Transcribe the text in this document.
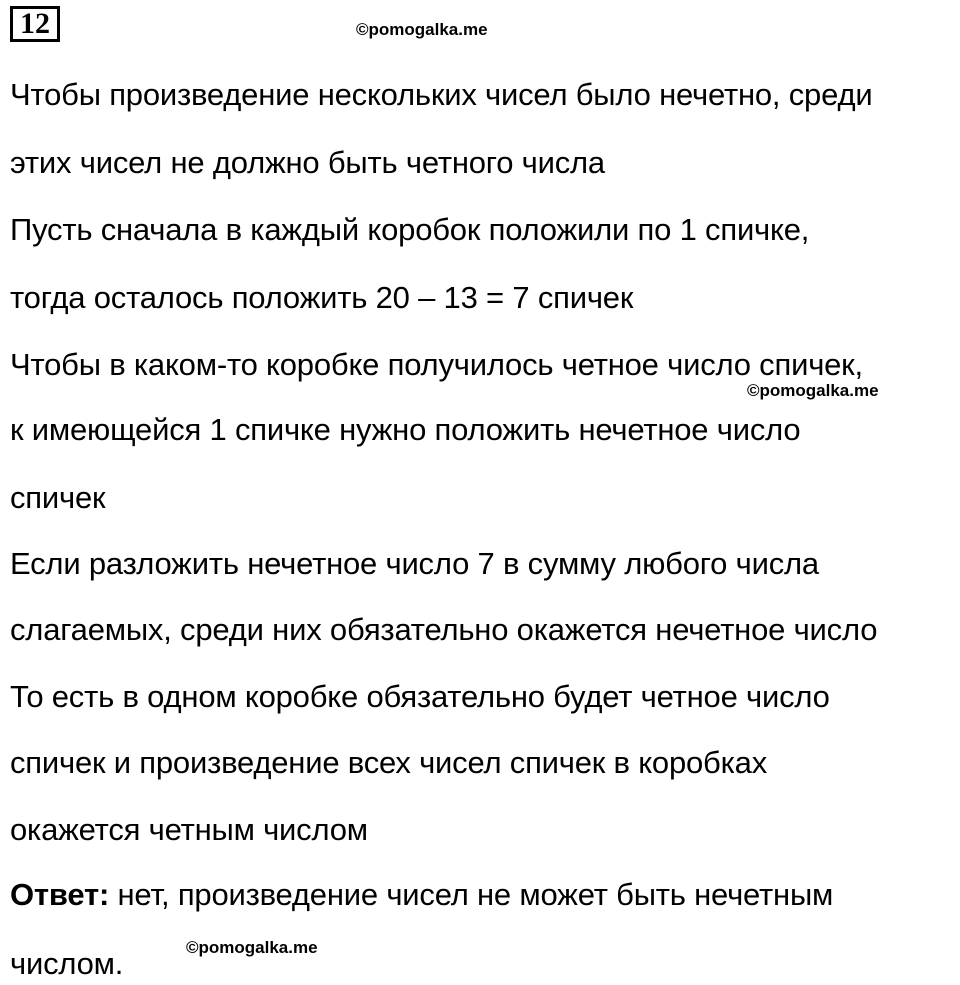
12	©pomogalka.me
©pomogalka.me
©pomogalka.me
Чтобы произведение нескольких чисел было нечетно, среди
этих чисел не должно быть четного числа
Пусть сначала в каждый коробок положили по 1 спичке,
тогда осталось положить 20 – 13 = 7 спичек
Чтобы в каком-то коробке получилось четное число спичек,
к имеющейся 1 спичке нужно положить нечетное число
спичек
Если разложить нечетное число 7 в сумму любого числа
слагаемых, среди них обязательно окажется нечетное число
То есть в одном коробке обязательно будет четное число
спичек и произведение всех чисел спичек в коробках
окажется четным числом
Ответ: нет, произведение чисел не может быть нечетным
числом.
